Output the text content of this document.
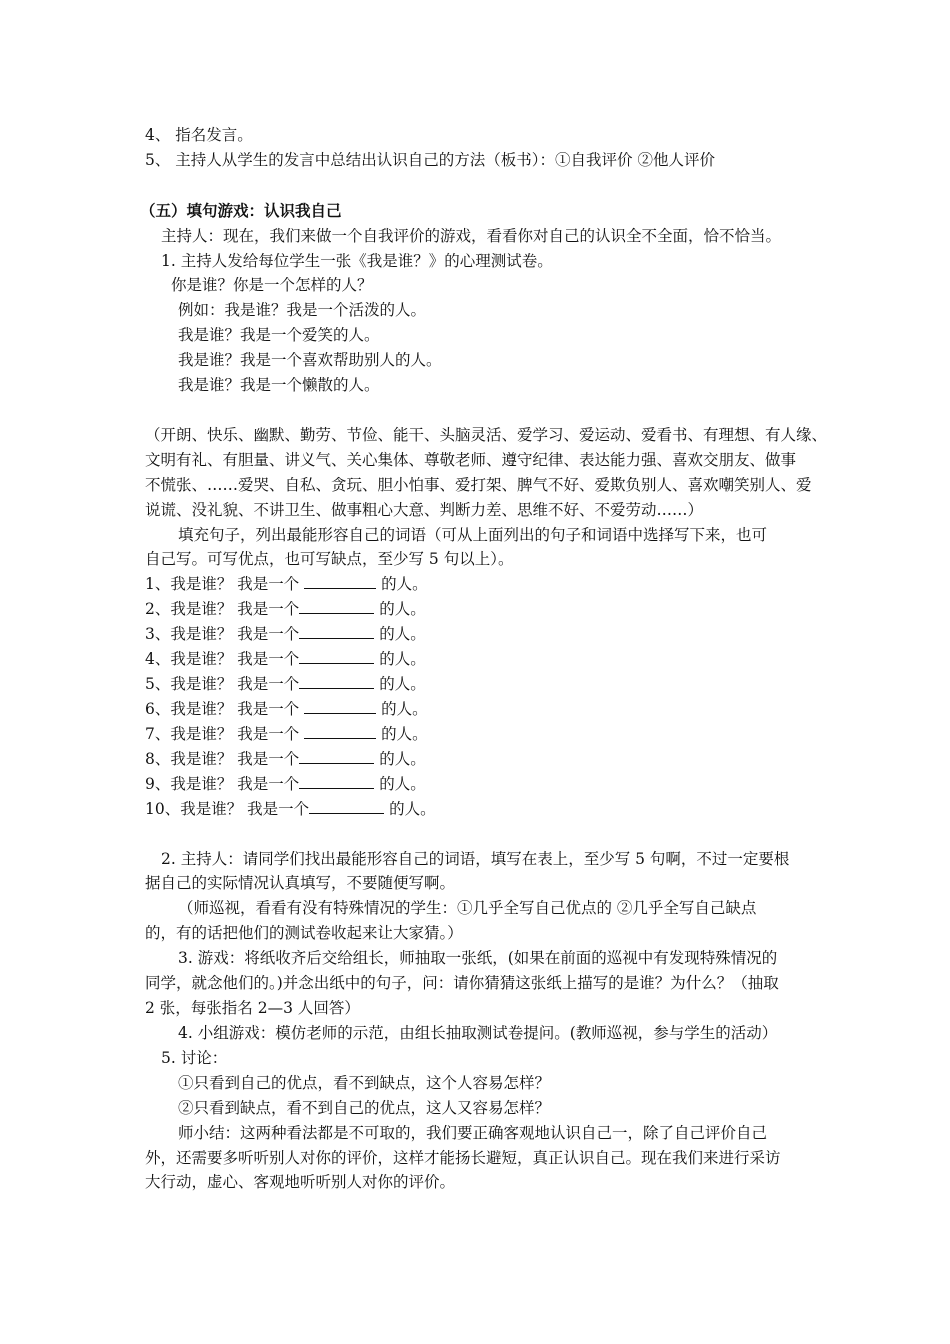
4、 指名发言。
5、 主持人从学生的发言中总结出认识自己的方法（板书）：①自我评价 ②他人评价
（五）填句游戏：认识我自己
主持人：现在，我们来做一个自我评价的游戏，看看你对自己的认识全不全面，恰不恰当。
1. 主持人发给每位学生一张《我是谁？》的心理测试卷。
你是谁？你是一个怎样的人？
例如：我是谁？我是一个活泼的人。
我是谁？我是一个爱笑的人。
我是谁？我是一个喜欢帮助别人的人。
我是谁？我是一个懒散的人。
（开朗、快乐、幽默、勤劳、节俭、能干、头脑灵活、爱学习、爱运动、爱看书、有理想、有人缘、
文明有礼、有胆量、讲义气、关心集体、尊敬老师、遵守纪律、表达能力强、喜欢交朋友、做事
不慌张、……爱哭、自私、贪玩、胆小怕事、爱打架、脾气不好、爱欺负别人、喜欢嘲笑别人、爱
说谎、没礼貌、不讲卫生、做事粗心大意、判断力差、思维不好、不爱劳动……）
填充句子，列出最能形容自己的词语（可从上面列出的句子和词语中选择写下来，也可
自己写。可写优点，也可写缺点，至少写 5 句以上）。
1、我是谁？ 我是一个	的人。
2、我是谁？ 我是一个	的人。
3、我是谁？ 我是一个	的人。
4、我是谁？ 我是一个	的人。
5、我是谁？ 我是一个	的人。
6、我是谁？ 我是一个	的人。
7、我是谁？ 我是一个	的人。
8、我是谁？ 我是一个	的人。
9、我是谁？ 我是一个	的人。
10、我是谁？ 我是一个	的人。
2. 主持人：请同学们找出最能形容自己的词语，填写在表上，至少写 5 句啊，不过一定要根
据自己的实际情况认真填写，不要随便写啊。
（师巡视，看看有没有特殊情况的学生：①几乎全写自己优点的 ②几乎全写自己缺点
的，有的话把他们的测试卷收起来让大家猜。）
3. 游戏：将纸收齐后交给组长，师抽取一张纸，(如果在前面的巡视中有发现特殊情况的
同学，就念他们的。)并念出纸中的句子，问：请你猜猜这张纸上描写的是谁？为什么？（抽取
2 张，每张指名 2—3 人回答）
4. 小组游戏：模仿老师的示范，由组长抽取测试卷提问。(教师巡视，参与学生的活动）
5. 讨论：
①只看到自己的优点，看不到缺点，这个人容易怎样？
②只看到缺点，看不到自己的优点，这人又容易怎样？
师小结：这两种看法都是不可取的，我们要正确客观地认识自己一，除了自己评价自己
外，还需要多听听别人对你的评价，这样才能扬长避短，真正认识自己。现在我们来进行采访
大行动，虚心、客观地听听别人对你的评价。
